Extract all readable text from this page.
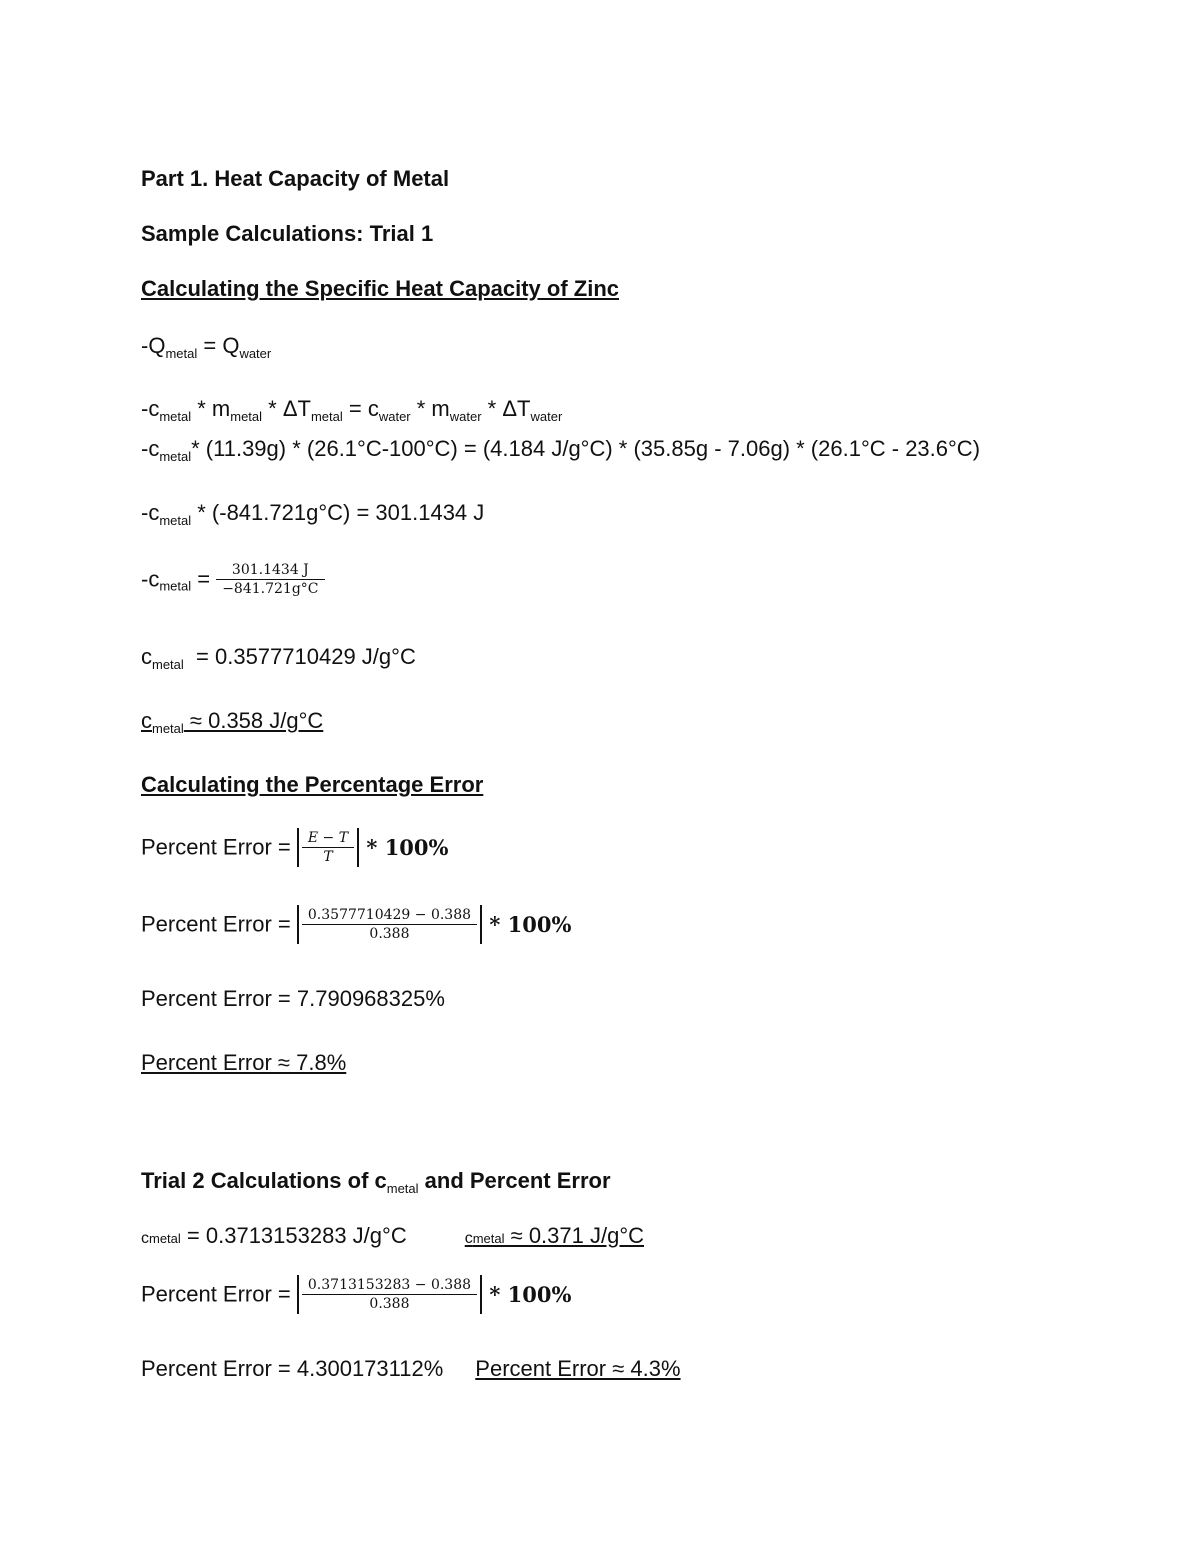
Part 1. Heat Capacity of Metal
Sample Calculations: Trial 1
Calculating the Specific Heat Capacity of Zinc
$-Q_{metal} = Q_{water}$
$-c_{metal} * m_{metal} * \Delta T_{metal} = c_{water} * m_{water} * \Delta T_{water}$
$-c_{metal}*$ (11.39g) * (26.1°C-100°C) = (4.184 J/g°C) * (35.85g - 7.06g) * (26.1°C - 23.6°C)
$-c_{metal} * (-841.721g^\circ C) = 301.1434$ J
$-c_{metal} = \frac{301.1434 J}{-841.721g^\circ C}$
$c_{metal} = 0.3577710429$ J/g°C
$c_{metal} \approx 0.358$ J/g°C
Calculating the Percentage Error
Percent Error = $\frac{E - T}{T} * 100\%$
Percent Error = $\frac{0.3577710429 - 0.388}{0.388} * 100\%$
Percent Error = 7.790968325%
Percent Error ≈ 7.8%
Trial 2 Calculations of $c_{metal}$ and Percent Error
cmetal = 0.3713153283 J/g°C	cmetal ≈ 0.371 J/g°C
Percent Error = $\frac{0.3713153283 - 0.388}{0.388} * 100\%$
Percent Error = 4.300173112% Percent Error ≈ 4.3%
